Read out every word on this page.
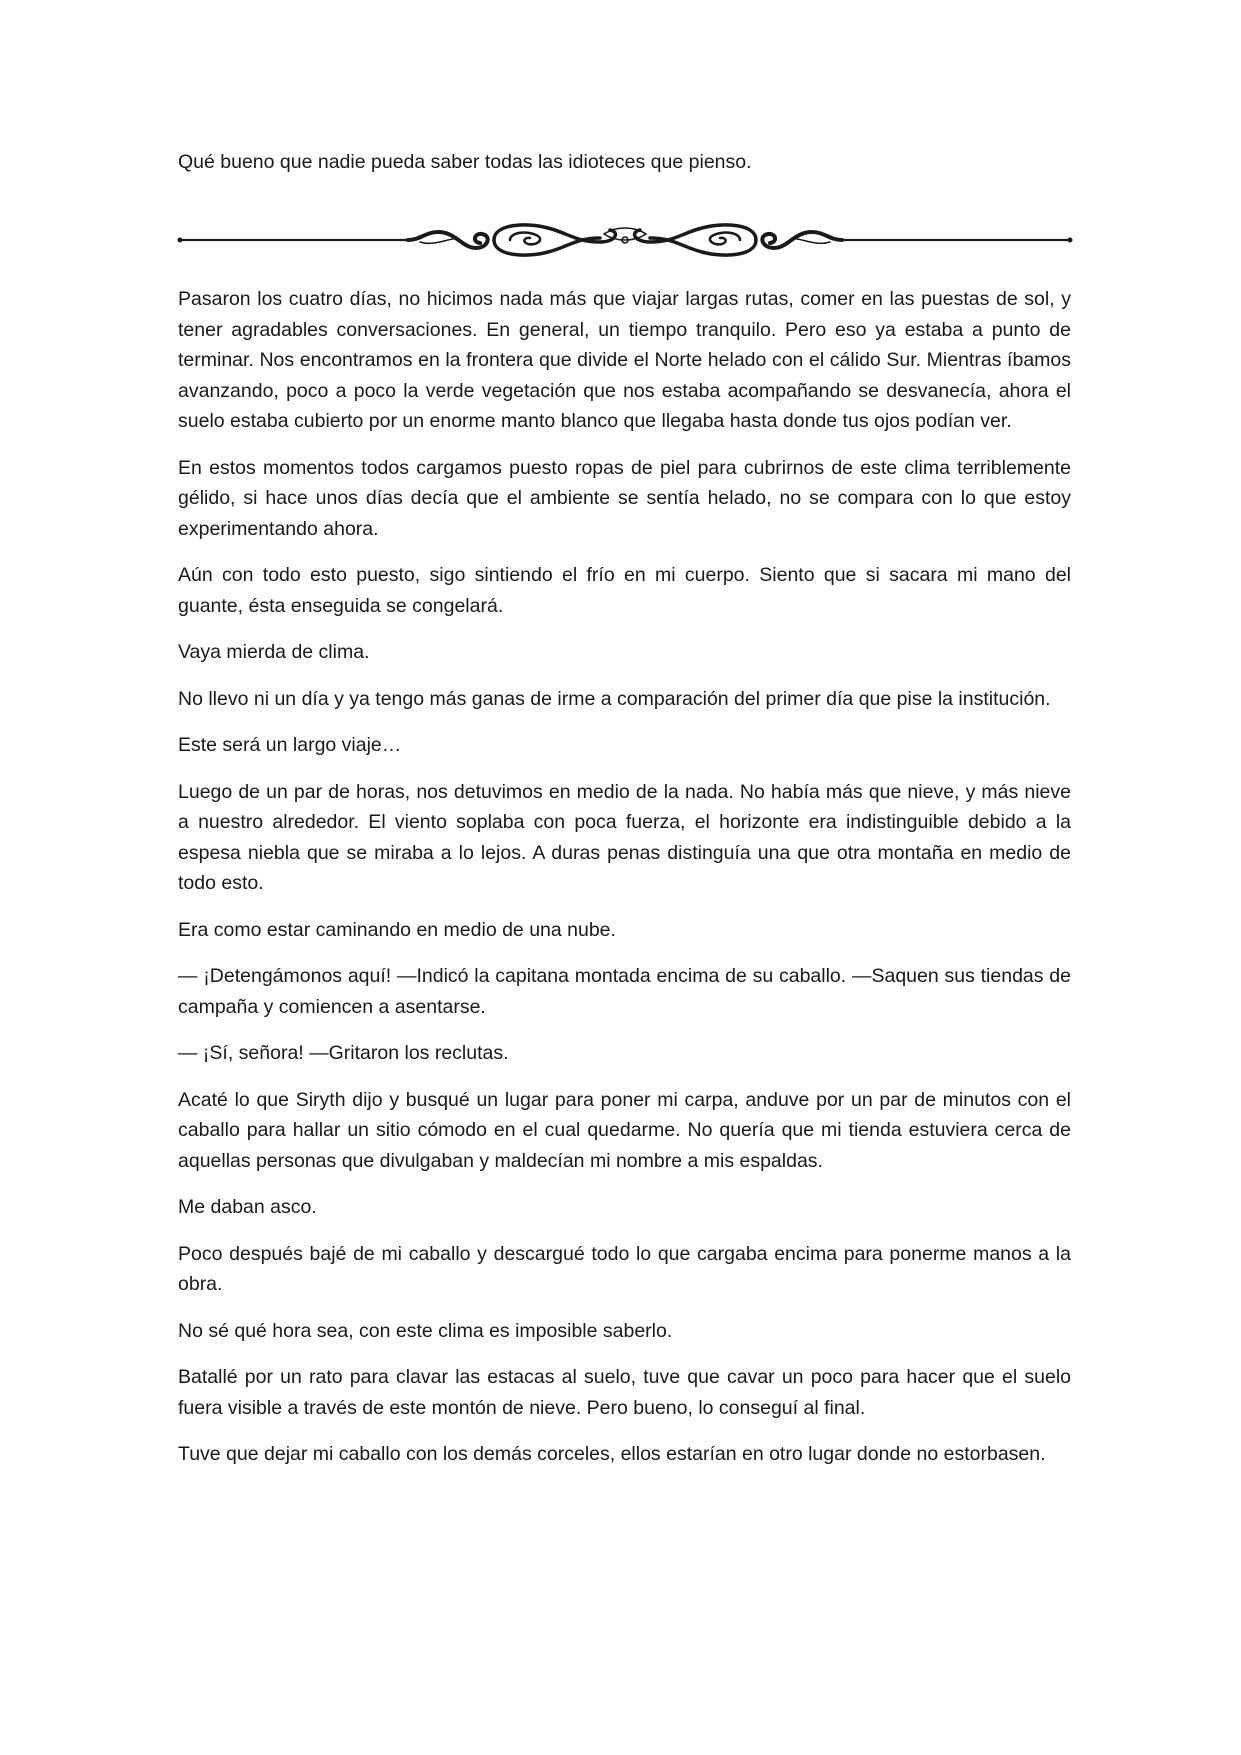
Qué bueno que nadie pueda saber todas las idioteces que pienso.

Pasaron los cuatro días, no hicimos nada más que viajar largas rutas, comer en las puestas de sol, y tener agradables conversaciones. En general, un tiempo tranquilo. Pero eso ya estaba a punto de terminar. Nos encontramos en la frontera que divide el Norte helado con el cálido Sur. Mientras íbamos avanzando, poco a poco la verde vegetación que nos estaba acompañando se desvanecía, ahora el suelo estaba cubierto por un enorme manto blanco que llegaba hasta donde tus ojos podían ver.

En estos momentos todos cargamos puesto ropas de piel para cubrirnos de este clima terriblemente gélido, si hace unos días decía que el ambiente se sentía helado, no se compara con lo que estoy experimentando ahora.

Aún con todo esto puesto, sigo sintiendo el frío en mi cuerpo. Siento que si sacara mi mano del guante, ésta enseguida se congelará.

Vaya mierda de clima.

No llevo ni un día y ya tengo más ganas de irme a comparación del primer día que pise la institución.

Este será un largo viaje…

Luego de un par de horas, nos detuvimos en medio de la nada. No había más que nieve, y más nieve a nuestro alrededor. El viento soplaba con poca fuerza, el horizonte era indistinguible debido a la espesa niebla que se miraba a lo lejos. A duras penas distinguía una que otra montaña en medio de todo esto.

Era como estar caminando en medio de una nube.

— ¡Detengámonos aquí! —Indicó la capitana montada encima de su caballo. —Saquen sus tiendas de campaña y comiencen a asentarse.

— ¡Sí, señora! —Gritaron los reclutas.

Acaté lo que Siryth dijo y busqué un lugar para poner mi carpa, anduve por un par de minutos con el caballo para hallar un sitio cómodo en el cual quedarme. No quería que mi tienda estuviera cerca de aquellas personas que divulgaban y maldecían mi nombre a mis espaldas.

Me daban asco.

Poco después bajé de mi caballo y descargué todo lo que cargaba encima para ponerme manos a la obra.

No sé qué hora sea, con este clima es imposible saberlo.

Batallé por un rato para clavar las estacas al suelo, tuve que cavar un poco para hacer que el suelo fuera visible a través de este montón de nieve. Pero bueno, lo conseguí al final.

Tuve que dejar mi caballo con los demás corceles, ellos estarían en otro lugar donde no estorbasen.
